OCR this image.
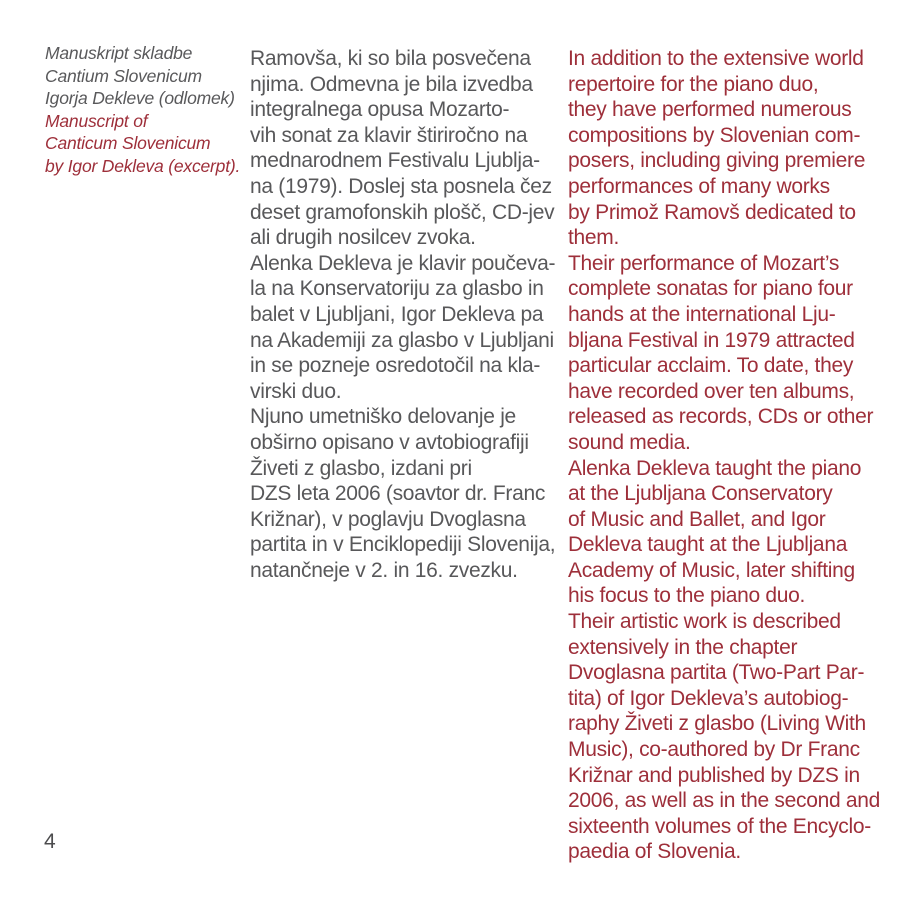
Manuskript skladbe
Cantium Slovenicum
Igorja Dekleve (odlomek)
Manuscript of
Canticum Slovenicum
by Igor Dekleva (excerpt).
Ramovša, ki so bila posvečena
njima. Odmevna je bila izvedba
integralnega opusa Mozarto-
vih sonat za klavir štiriročno na
mednarodnem Festivalu Ljublja-
na (1979). Doslej sta posnela čez
deset gramofonskih plošč, CD-jev
ali drugih nosilcev zvoka.
Alenka Dekleva je klavir poučeva-
la na Konservatoriju za glasbo in
balet v Ljubljani, Igor Dekleva pa
na Akademiji za glasbo v Ljubljani
in se pozneje osredotočil na kla-
virski duo.
Njuno umetniško delovanje je
obširno opisano v avtobiografiji
Živeti z glasbo, izdani pri
DZS leta 2006 (soavtor dr. Franc
Križnar), v poglavju Dvoglasna
partita in v Enciklopediji Slovenija,
natančneje v 2. in 16. zvezku.
In addition to the extensive world
repertoire for the piano duo,
they have performed numerous
compositions by Slovenian com-
posers, including giving premiere
performances of many works
by Primož Ramovš dedicated to
them.
Their performance of Mozart’s
complete sonatas for piano four
hands at the international Lju-
bljana Festival in 1979 attracted
particular acclaim. To date, they
have recorded over ten albums,
released as records, CDs or other
sound media.
Alenka Dekleva taught the piano
at the Ljubljana Conservatory
of Music and Ballet, and Igor
Dekleva taught at the Ljubljana
Academy of Music, later shifting
his focus to the piano duo.
Their artistic work is described
extensively in the chapter
Dvoglasna partita (Two-Part Par-
tita) of Igor Dekleva’s autobiog-
raphy Živeti z glasbo (Living With
Music), co-authored by Dr Franc
Križnar and published by DZS in
2006, as well as in the second and
sixteenth volumes of the Encyclo-
paedia of Slovenia.
4
